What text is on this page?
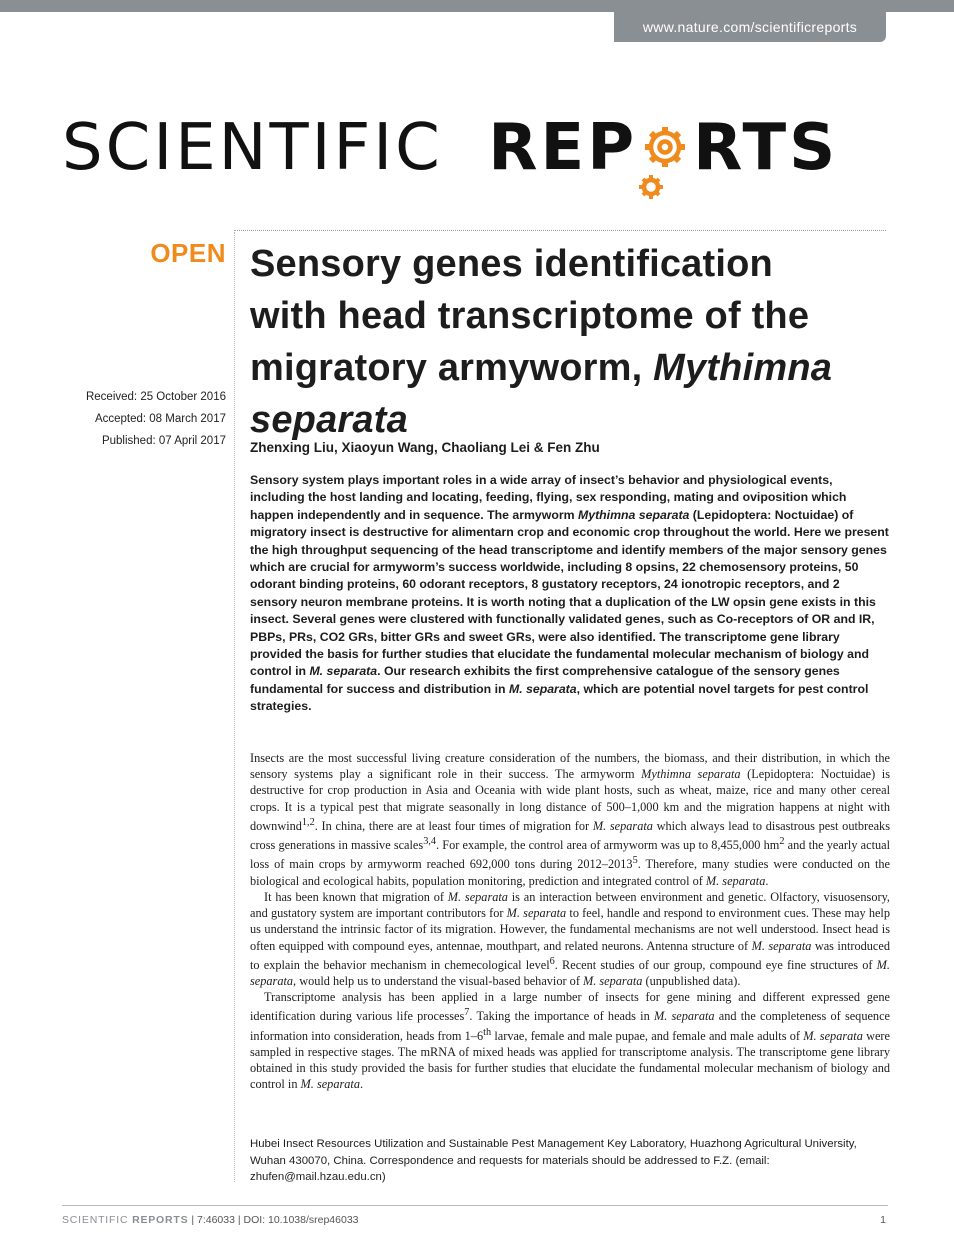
www.nature.com/scientificreports
SCIENTIFIC REP RTS
OPEN
Received: 25 October 2016
Accepted: 08 March 2017
Published: 07 April 2017
Sensory genes identification
with head transcriptome of the
migratory armyworm, Mythimna
separata
Zhenxing Liu, Xiaoyun Wang, Chaoliang Lei & Fen Zhu

Sensory system plays important roles in a wide array of insect’s behavior and physiological events, including the host landing and locating, feeding, flying, sex responding, mating and oviposition which happen independently and in sequence. The armyworm Mythimna separata (Lepidoptera: Noctuidae) of migratory insect is destructive for alimentarn crop and economic crop throughout the world. Here we present the high throughput sequencing of the head transcriptome and identify members of the major sensory genes which are crucial for armyworm’s success worldwide, including 8 opsins, 22 chemosensory proteins, 50 odorant binding proteins, 60 odorant receptors, 8 gustatory receptors, 24 ionotropic receptors, and 2 sensory neuron membrane proteins. It is worth noting that a duplication of the LW opsin gene exists in this insect. Several genes were clustered with functionally validated genes, such as Co-receptors of OR and IR, PBPs, PRs, CO2 GRs, bitter GRs and sweet GRs, were also identified. The transcriptome gene library provided the basis for further studies that elucidate the fundamental molecular mechanism of biology and control in M. separata. Our research exhibits the first comprehensive catalogue of the sensory genes fundamental for success and distribution in M. separata, which are potential novel targets for pest control strategies.

Insects are the most successful living creature consideration of the numbers, the biomass, and their distribution, in which the sensory systems play a significant role in their success. The armyworm Mythimna separata (Lepidoptera: Noctuidae) is destructive for crop production in Asia and Oceania with wide plant hosts, such as wheat, maize, rice and many other cereal crops. It is a typical pest that migrate seasonally in long distance of 500–1,000 km and the migration happens at night with downwind$^{1,2}$. In china, there are at least four times of migration for M. separata which always lead to disastrous pest outbreaks cross generations in massive scales$^{3,4}$. For example, the control area of armyworm was up to 8,455,000 $hm^2$ and the yearly actual loss of main crops by armyworm reached 692,000 tons during 2012–2013$^5$. Therefore, many studies were conducted on the biological and ecological habits, population monitoring, prediction and integrated control of M. separata.

It has been known that migration of M. separata is an interaction between environment and genetic. Olfactory, visuosensory, and gustatory system are important contributors for M. separata to feel, handle and respond to environment cues. These may help us understand the intrinsic factor of its migration. However, the fundamental mechanisms are not well understood. Insect head is often equipped with compound eyes, antennae, mouthpart, and related neurons. Antenna structure of M. separata was introduced to explain the behavior mechanism in chemecological level$^6$. Recent studies of our group, compound eye fine structures of M. separata, would help us to understand the visual-based behavior of M. separata (unpublished data).

Transcriptome analysis has been applied in a large number of insects for gene mining and different expressed gene identification during various life processes$^7$. Taking the importance of heads in M. separata and the completeness of sequence information into consideration, heads from 1–6th larvae, female and male pupae, and female and male adults of M. separata were sampled in respective stages. The mRNA of mixed heads was applied for transcriptome analysis. The transcriptome gene library obtained in this study provided the basis for further studies that elucidate the fundamental molecular mechanism of biology and control in M. separata.

Hubei Insect Resources Utilization and Sustainable Pest Management Key Laboratory, Huazhong Agricultural University, Wuhan 430070, China. Correspondence and requests for materials should be addressed to F.Z. (email: zhufen@mail.hzau.edu.cn)
SCIENTIFIC REPORTS | 7:46033 | DOI: 10.1038/srep46033	1
